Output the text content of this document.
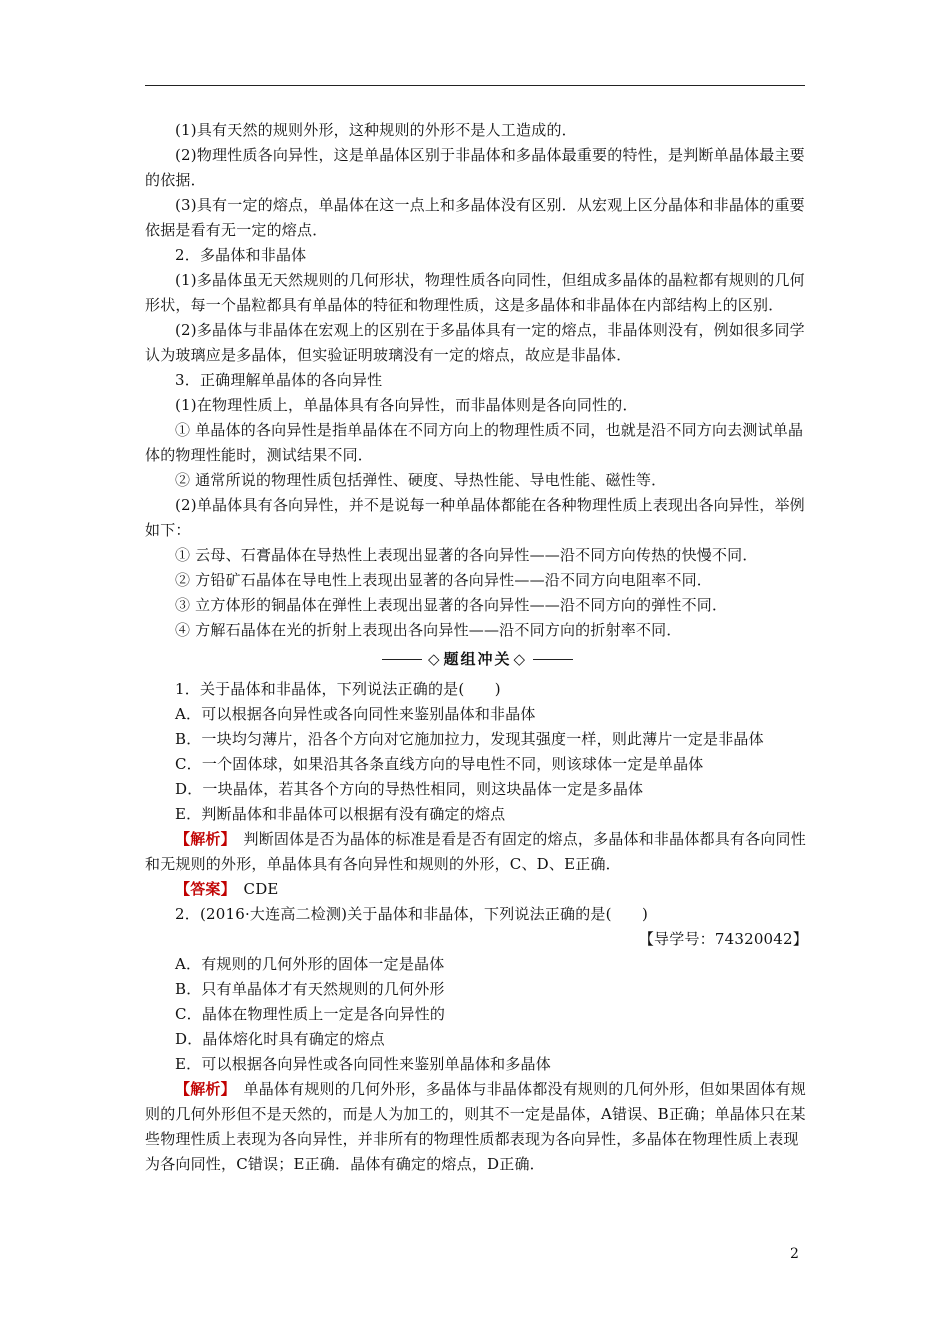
(1)具有天然的规则外形，这种规则的外形不是人工造成的．

(2)物理性质各向异性，这是单晶体区别于非晶体和多晶体最重要的特性，是判断单晶体最主要的依据．

(3)具有一定的熔点，单晶体在这一点上和多晶体没有区别．从宏观上区分晶体和非晶体的重要依据是看有无一定的熔点．

2．多晶体和非晶体

(1)多晶体虽无天然规则的几何形状，物理性质各向同性，但组成多晶体的晶粒都有规则的几何形状，每一个晶粒都具有单晶体的特征和物理性质，这是多晶体和非晶体在内部结构上的区别．

(2)多晶体与非晶体在宏观上的区别在于多晶体具有一定的熔点，非晶体则没有，例如很多同学认为玻璃应是多晶体，但实验证明玻璃没有一定的熔点，故应是非晶体．

3．正确理解单晶体的各向异性

(1)在物理性质上，单晶体具有各向异性，而非晶体则是各向同性的．

① 单晶体的各向异性是指单晶体在不同方向上的物理性质不同，也就是沿不同方向去测试单晶体的物理性能时，测试结果不同．

② 通常所说的物理性质包括弹性、硬度、导热性能、导电性能、磁性等．

(2)单晶体具有各向异性，并不是说每一种单晶体都能在各种物理性质上表现出各向异性，举例如下：

① 云母、石膏晶体在导热性上表现出显著的各向异性——沿不同方向传热的快慢不同．

② 方铅矿石晶体在导电性上表现出显著的各向异性——沿不同方向电阻率不同．

③ 立方体形的铜晶体在弹性上表现出显著的各向异性——沿不同方向的弹性不同．

④ 方解石晶体在光的折射上表现出各向异性——沿不同方向的折射率不同．

◇ 题组冲关 ◇

1．关于晶体和非晶体，下列说法正确的是(　　)

A．可以根据各向异性或各向同性来鉴别晶体和非晶体

B．一块均匀薄片，沿各个方向对它施加拉力，发现其强度一样，则此薄片一定是非晶体

C．一个固体球，如果沿其各条直线方向的导电性不同，则该球体一定是单晶体

D．一块晶体，若其各个方向的导热性相同，则这块晶体一定是多晶体

E．判断晶体和非晶体可以根据有没有确定的熔点

【解析】　判断固体是否为晶体的标准是看是否有固定的熔点，多晶体和非晶体都具有各向同性和无规则的外形，单晶体具有各向异性和规则的外形，C、D、E正确．

【答案】　CDE

2．(2016·大连高二检测)关于晶体和非晶体，下列说法正确的是(　　)

【导学号：74320042】

A．有规则的几何外形的固体一定是晶体

B．只有单晶体才有天然规则的几何外形

C．晶体在物理性质上一定是各向异性的

D．晶体熔化时具有确定的熔点

E．可以根据各向异性或各向同性来鉴别单晶体和多晶体

【解析】　单晶体有规则的几何外形，多晶体与非晶体都没有规则的几何外形，但如果固体有规则的几何外形但不是天然的，而是人为加工的，则其不一定是晶体，A错误、B正确；单晶体只在某些物理性质上表现为各向异性，并非所有的物理性质都表现为各向异性，多晶体在物理性质上表现为各向同性，C错误；E正确．晶体有确定的熔点，D正确．

2
